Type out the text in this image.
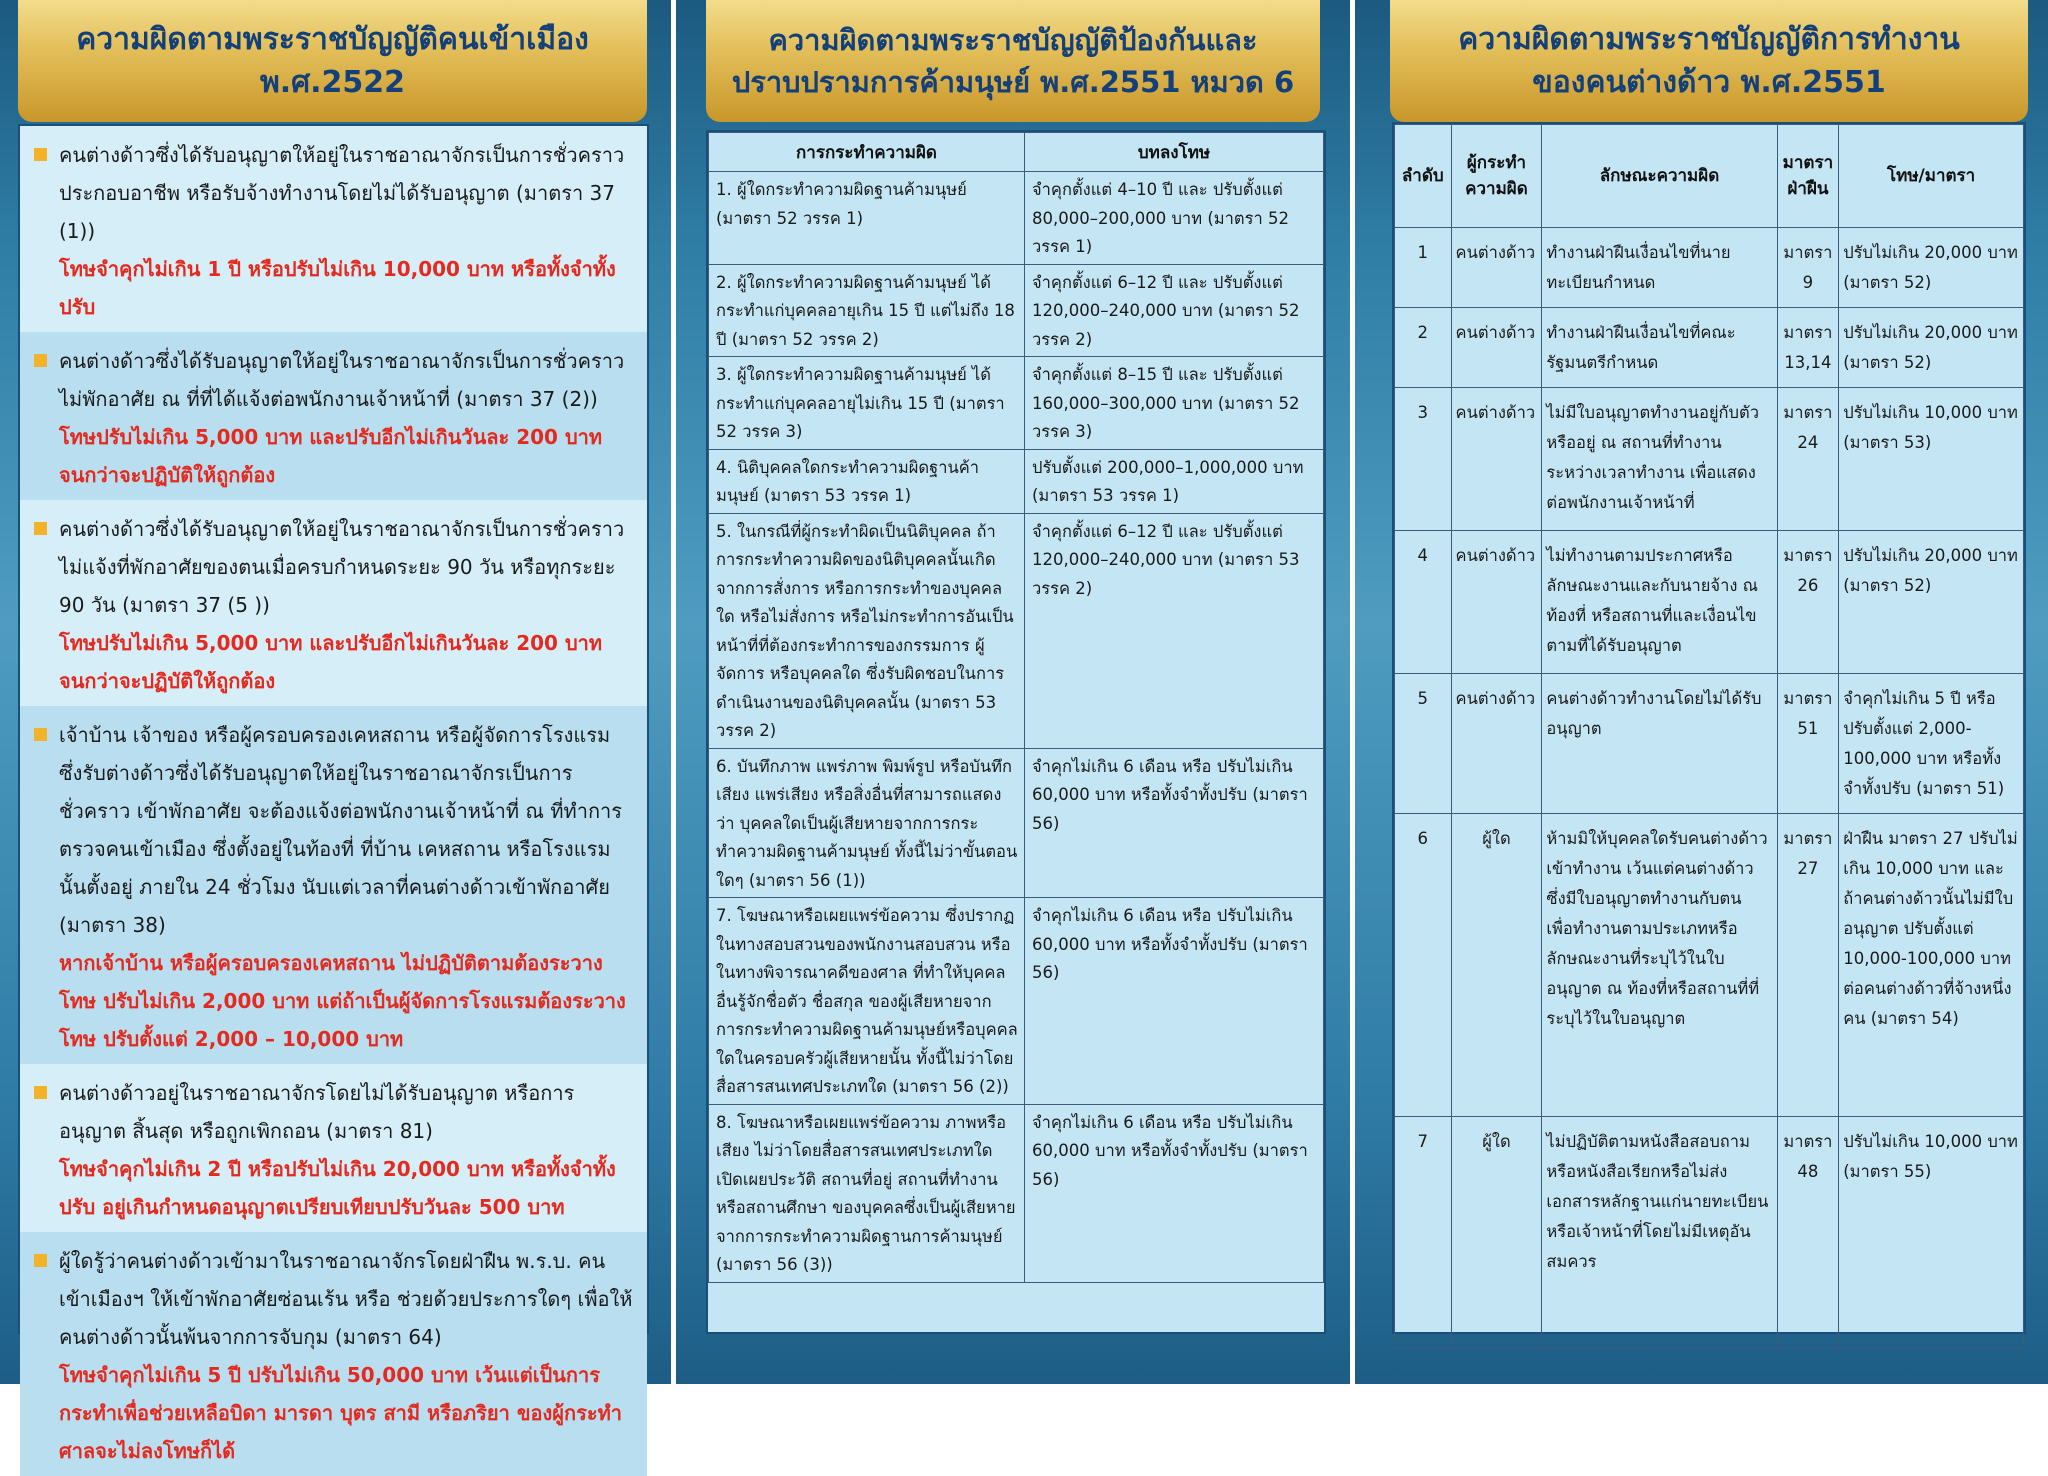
ความผิดตามพระราชบัญญัติคนเข้าเมือง
พ.ศ.2522
คนต่างด้าวซึ่งได้รับอนุญาตให้อยู่ในราชอาณาจักรเป็นการชั่วคราว ประกอบอาชีพ หรือรับจ้างทำงานโดยไม่ได้รับอนุญาต (มาตรา 37 (1))
โทษจำคุกไม่เกิน 1 ปี หรือปรับไม่เกิน 10,000 บาท หรือทั้งจำทั้งปรับ
คนต่างด้าวซึ่งได้รับอนุญาตให้อยู่ในราชอาณาจักรเป็นการชั่วคราว ไม่พักอาศัย ณ ที่ที่ได้แจ้งต่อพนักงานเจ้าหน้าที่ (มาตรา 37 (2))
โทษปรับไม่เกิน 5,000 บาท และปรับอีกไม่เกินวันละ 200 บาท จนกว่าจะปฏิบัติให้ถูกต้อง
คนต่างด้าวซึ่งได้รับอนุญาตให้อยู่ในราชอาณาจักรเป็นการชั่วคราว ไม่แจ้งที่พักอาศัยของตนเมื่อครบกำหนดระยะ 90 วัน หรือทุกระยะ 90 วัน (มาตรา 37 (5 ))
โทษปรับไม่เกิน 5,000 บาท และปรับอีกไม่เกินวันละ 200 บาท จนกว่าจะปฏิบัติให้ถูกต้อง
เจ้าบ้าน เจ้าของ หรือผู้ครอบครองเคหสถาน หรือผู้จัดการโรงแรม ซึ่งรับต่างด้าวซึ่งได้รับอนุญาตให้อยู่ในราชอาณาจักรเป็นการชั่วคราว เข้าพักอาศัย จะต้องแจ้งต่อพนักงานเจ้าหน้าที่ ณ ที่ทำการตรวจคนเข้าเมือง ซึ่งตั้งอยู่ในท้องที่ ที่บ้าน เคหสถาน หรือโรงแรมนั้นตั้งอยู่ ภายใน 24 ชั่วโมง นับแต่เวลาที่คนต่างด้าวเข้าพักอาศัย (มาตรา 38)
หากเจ้าบ้าน หรือผู้ครอบครองเคหสถาน ไม่ปฏิบัติตามต้องระวางโทษ ปรับไม่เกิน 2,000 บาท แต่ถ้าเป็นผู้จัดการโรงแรมต้องระวางโทษ ปรับตั้งแต่ 2,000 – 10,000 บาท
คนต่างด้าวอยู่ในราชอาณาจักรโดยไม่ได้รับอนุญาต หรือการอนุญาต สิ้นสุด หรือถูกเพิกถอน (มาตรา 81)
โทษจำคุกไม่เกิน 2 ปี หรือปรับไม่เกิน 20,000 บาท หรือทั้งจำทั้งปรับ อยู่เกินกำหนดอนุญาตเปรียบเทียบปรับวันละ 500 บาท
ผู้ใดรู้ว่าคนต่างด้าวเข้ามาในราชอาณาจักรโดยฝ่าฝืน พ.ร.บ. คนเข้าเมืองฯ ให้เข้าพักอาศัยซ่อนเร้น หรือ ช่วยด้วยประการใดๆ เพื่อให้คนต่างด้าวนั้นพ้นจากการจับกุม (มาตรา 64)
โทษจำคุกไม่เกิน 5 ปี ปรับไม่เกิน 50,000 บาท เว้นแต่เป็นการ กระทำเพื่อช่วยเหลือบิดา มารดา บุตร สามี หรือภริยา ของผู้กระทำ ศาลจะไม่ลงโทษก็ได้
ความผิดตามพระราชบัญญัติป้องกันและ
ปราบปรามการค้ามนุษย์ พ.ศ.2551 หมวด 6
การกระทำความผิด	บทลงโทษ
1. ผู้ใดกระทำความผิดฐานค้ามนุษย์ (มาตรา 52 วรรค 1)	จำคุกตั้งแต่ 4–10 ปี และ ปรับตั้งแต่ 80,000–200,000 บาท (มาตรา 52 วรรค 1)
2. ผู้ใดกระทำความผิดฐานค้ามนุษย์ ได้กระทำแก่บุคคลอายุเกิน 15 ปี แต่ไม่ถึง 18 ปี (มาตรา 52 วรรค 2)	จำคุกตั้งแต่ 6–12 ปี และ ปรับตั้งแต่ 120,000–240,000 บาท (มาตรา 52 วรรค 2)
3. ผู้ใดกระทำความผิดฐานค้ามนุษย์ ได้กระทำแก่บุคคลอายุไม่เกิน 15 ปี (มาตรา 52 วรรค 3)	จำคุกตั้งแต่ 8–15 ปี และ ปรับตั้งแต่ 160,000–300,000 บาท (มาตรา 52 วรรค 3)
4. นิติบุคคลใดกระทำความผิดฐานค้ามนุษย์ (มาตรา 53 วรรค 1)	ปรับตั้งแต่ 200,000–1,000,000 บาท (มาตรา 53 วรรค 1)
5. ในกรณีที่ผู้กระทำผิดเป็นนิติบุคคล ถ้าการกระทำความผิดของนิติบุคคลนั้นเกิดจากการสั่งการ หรือการกระทำของบุคคลใด หรือไม่สั่งการ หรือไม่กระทำการอันเป็นหน้าที่ที่ต้องกระทำการของกรรมการ ผู้จัดการ หรือบุคคลใด ซึ่งรับผิดชอบในการดำเนินงานของนิติบุคคลนั้น (มาตรา 53 วรรค 2)	จำคุกตั้งแต่ 6–12 ปี และ ปรับตั้งแต่ 120,000–240,000 บาท (มาตรา 53 วรรค 2)
6. บันทึกภาพ แพร่ภาพ พิมพ์รูป หรือบันทึกเสียง แพร่เสียง หรือสิ่งอื่นที่สามารถแสดงว่า บุคคลใดเป็นผู้เสียหายจากการกระทำความผิดฐานค้ามนุษย์ ทั้งนี้ไม่ว่าขั้นตอนใดๆ (มาตรา 56 (1))	จำคุกไม่เกิน 6 เดือน หรือ ปรับไม่เกิน 60,000 บาท หรือทั้งจำทั้งปรับ (มาตรา 56)
7. โฆษณาหรือเผยแพร่ข้อความ ซึ่งปรากฏในทางสอบสวนของพนักงานสอบสวน หรือในทางพิจารณาคดีของศาล ที่ทำให้บุคคลอื่นรู้จักชื่อตัว ชื่อสกุล ของผู้เสียหายจากการกระทำความผิดฐานค้ามนุษย์หรือบุคคลใดในครอบครัวผู้เสียหายนั้น ทั้งนี้ไม่ว่าโดยสื่อสารสนเทศประเภทใด (มาตรา 56 (2))	จำคุกไม่เกิน 6 เดือน หรือ ปรับไม่เกิน 60,000 บาท หรือทั้งจำทั้งปรับ (มาตรา 56)
8. โฆษณาหรือเผยแพร่ข้อความ ภาพหรือเสียง ไม่ว่าโดยสื่อสารสนเทศประเภทใด เปิดเผยประวัติ สถานที่อยู่ สถานที่ทำงาน หรือสถานศึกษา ของบุคคลซึ่งเป็นผู้เสียหายจากการกระทำความผิดฐานการค้ามนุษย์ (มาตรา 56 (3))	จำคุกไม่เกิน 6 เดือน หรือ ปรับไม่เกิน 60,000 บาท หรือทั้งจำทั้งปรับ (มาตรา 56)
ความผิดตามพระราชบัญญัติการทำงาน
ของคนต่างด้าว พ.ศ.2551
ลำดับ	ผู้กระทำความผิด	ลักษณะความผิด	มาตราฝ่าฝืน	โทษ/มาตรา
1	คนต่างด้าว	ทำงานฝ่าฝืนเงื่อนไขที่นายทะเบียนกำหนด	มาตรา 9	ปรับไม่เกิน 20,000 บาท (มาตรา 52)
2	คนต่างด้าว	ทำงานฝ่าฝืนเงื่อนไขที่คณะรัฐมนตรีกำหนด	มาตรา 13,14	ปรับไม่เกิน 20,000 บาท (มาตรา 52)
3	คนต่างด้าว	ไม่มีใบอนุญาตทำงานอยู่กับตัวหรืออยู่ ณ สถานที่ทำงานระหว่างเวลาทำงาน เพื่อแสดงต่อพนักงานเจ้าหน้าที่	มาตรา 24	ปรับไม่เกิน 10,000 บาท (มาตรา 53)
4	คนต่างด้าว	ไม่ทำงานตามประกาศหรือลักษณะงานและกับนายจ้าง ณ ท้องที่ หรือสถานที่และเงื่อนไขตามที่ได้รับอนุญาต	มาตรา 26	ปรับไม่เกิน 20,000 บาท (มาตรา 52)
5	คนต่างด้าว	คนต่างด้าวทำงานโดยไม่ได้รับอนุญาต	มาตรา 51	จำคุกไม่เกิน 5 ปี หรือ ปรับตั้งแต่ 2,000-100,000 บาท หรือทั้งจำทั้งปรับ (มาตรา 51)
6	ผู้ใด	ห้ามมิให้บุคคลใดรับคนต่างด้าวเข้าทำงาน เว้นแต่คนต่างด้าวซึ่งมีใบอนุญาตทำงานกับตน เพื่อทำงานตามประเภทหรือลักษณะงานที่ระบุไว้ในใบอนุญาต ณ ท้องที่หรือสถานที่ที่ระบุไว้ในใบอนุญาต	มาตรา 27	ฝ่าฝืน มาตรา 27 ปรับไม่เกิน 10,000 บาท และถ้าคนต่างด้าวนั้นไม่มีใบอนุญาต ปรับตั้งแต่ 10,000-100,000 บาท ต่อคนต่างด้าวที่จ้างหนึ่งคน (มาตรา 54)
7	ผู้ใด	ไม่ปฏิบัติตามหนังสือสอบถามหรือหนังสือเรียกหรือไม่ส่งเอกสารหลักฐานแก่นายทะเบียนหรือเจ้าหน้าที่โดยไม่มีเหตุอันสมควร	มาตรา 48	ปรับไม่เกิน 10,000 บาท (มาตรา 55)
